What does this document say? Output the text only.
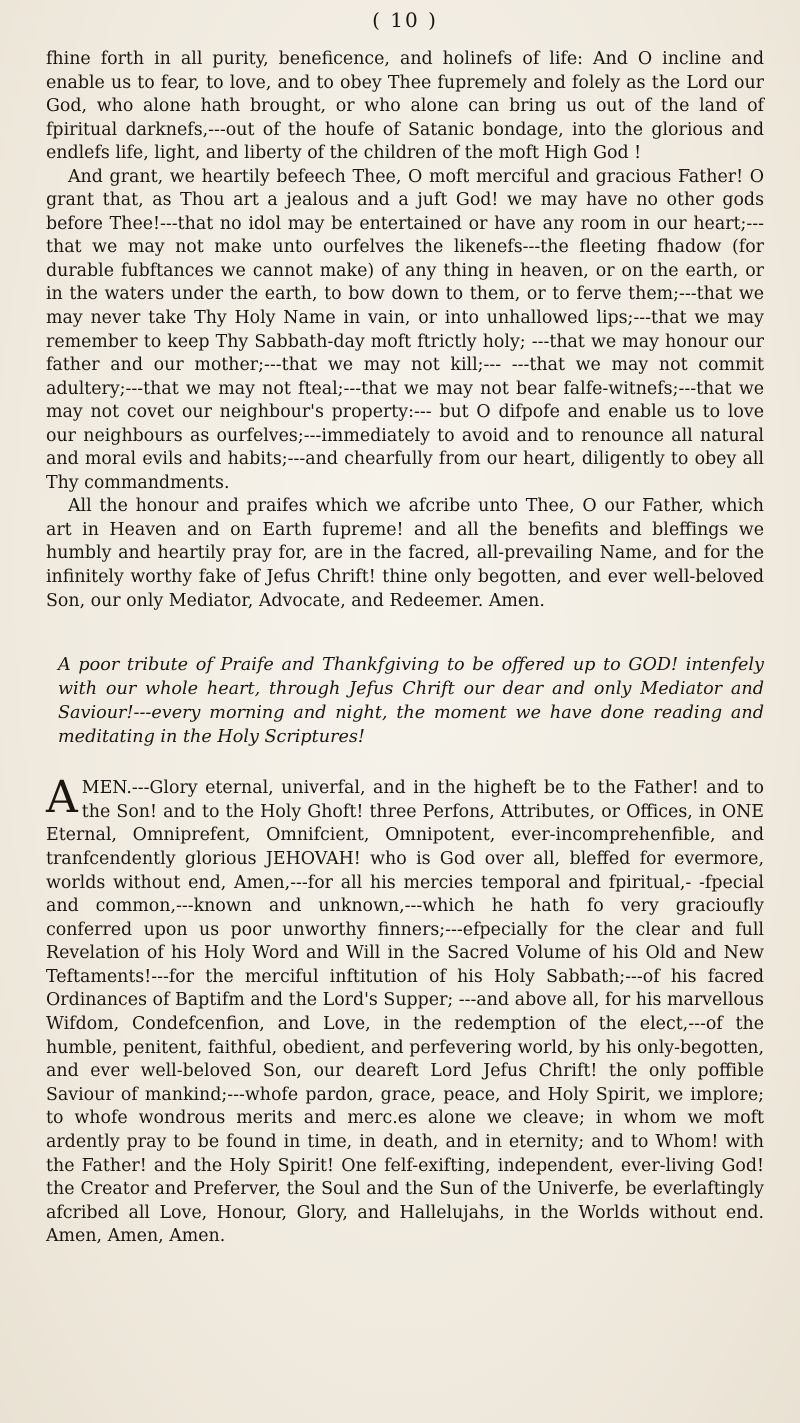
( 10 )

fhine forth in all purity, beneficence, and holinefs of life: And O incline and enable us to fear, to love, and to obey Thee fupremely and folely as the Lord our God, who alone hath brought, or who alone can bring us out of the land of fpiritual darknefs,---out of the houfe of Satanic bondage, into the glorious and endlefs life, light, and liberty of the children of the moft High God !

And grant, we heartily befeech Thee, O moft merciful and gracious Father! O grant that, as Thou art a jealous and a juft God! we may have no other gods before Thee!---that no idol may be entertained or have any room in our heart;---that we may not make unto ourfelves the likenefs---the fleeting fhadow (for durable fubftances we cannot make) of any thing in heaven, or on the earth, or in the waters under the earth, to bow down to them, or to ferve them;---that we may never take Thy Holy Name in vain, or into unhallowed lips;---that we may remember to keep Thy Sabbath-day moft ftrictly holy; ---that we may honour our father and our mother;---that we may not kill;--- ---that we may not commit adultery;---that we may not fteal;---that we may not bear falfe-witnefs;---that we may not covet our neighbour's property:--- but O difpofe and enable us to love our neighbours as ourfelves;---immediately to avoid and to renounce all natural and moral evils and habits;---and chearfully from our heart, diligently to obey all Thy commandments.

All the honour and praifes which we afcribe unto Thee, O our Father, which art in Heaven and on Earth fupreme! and all the benefits and bleffings we humbly and heartily pray for, are in the facred, all-prevailing Name, and for the infinitely worthy fake of Jefus Chrift! thine only begotten, and ever well-beloved Son, our only Mediator, Advocate, and Redeemer. Amen.

A poor tribute of Praife and Thankfgiving to be offered up to GOD! intenfely with our whole heart, through Jefus Chrift our dear and only Mediator and Saviour!---every morning and night, the moment we have done reading and meditating in the Holy Scriptures!
A MEN.---Glory eternal, univerfal, and in the higheft be to the Father! and to the Son! and to the Holy Ghoft! three Perfons, Attributes, or Offices, in ONE Eternal, Omniprefent, Omnifcient, Omnipotent, ever-incomprehenfible, and tranfcendently glorious JEHOVAH! who is God over all, bleffed for evermore, worlds without end, Amen,---for all his mercies temporal and fpiritual,- -fpecial and common,---known and unknown,---which he hath fo very gracioufly conferred upon us poor unworthy finners;---efpecially for the clear and full Revelation of his Holy Word and Will in the Sacred Volume of his Old and New Teftaments!---for the merciful inftitution of his Holy Sabbath;---of his facred Ordinances of Baptifm and the Lord's Supper; ---and above all, for his marvellous Wifdom, Condefcenfion, and Love, in the redemption of the elect,---of the humble, penitent, faithful, obedient, and perfevering world, by his only-begotten, and ever well-beloved Son, our deareft Lord Jefus Chrift! the only poffible Saviour of mankind;---whofe pardon, grace, peace, and Holy Spirit, we implore; to whofe wondrous merits and merc.es alone we cleave; in whom we moft ardently pray to be found in time, in death, and in eternity; and to Whom! with the Father! and the Holy Spirit! One felf-exifting, independent, ever-living God! the Creator and Preferver, the Soul and the Sun of the Univerfe, be everlaftingly afcribed all Love, Honour, Glory, and Hallelujahs, in the Worlds without end. Amen, Amen, Amen.
